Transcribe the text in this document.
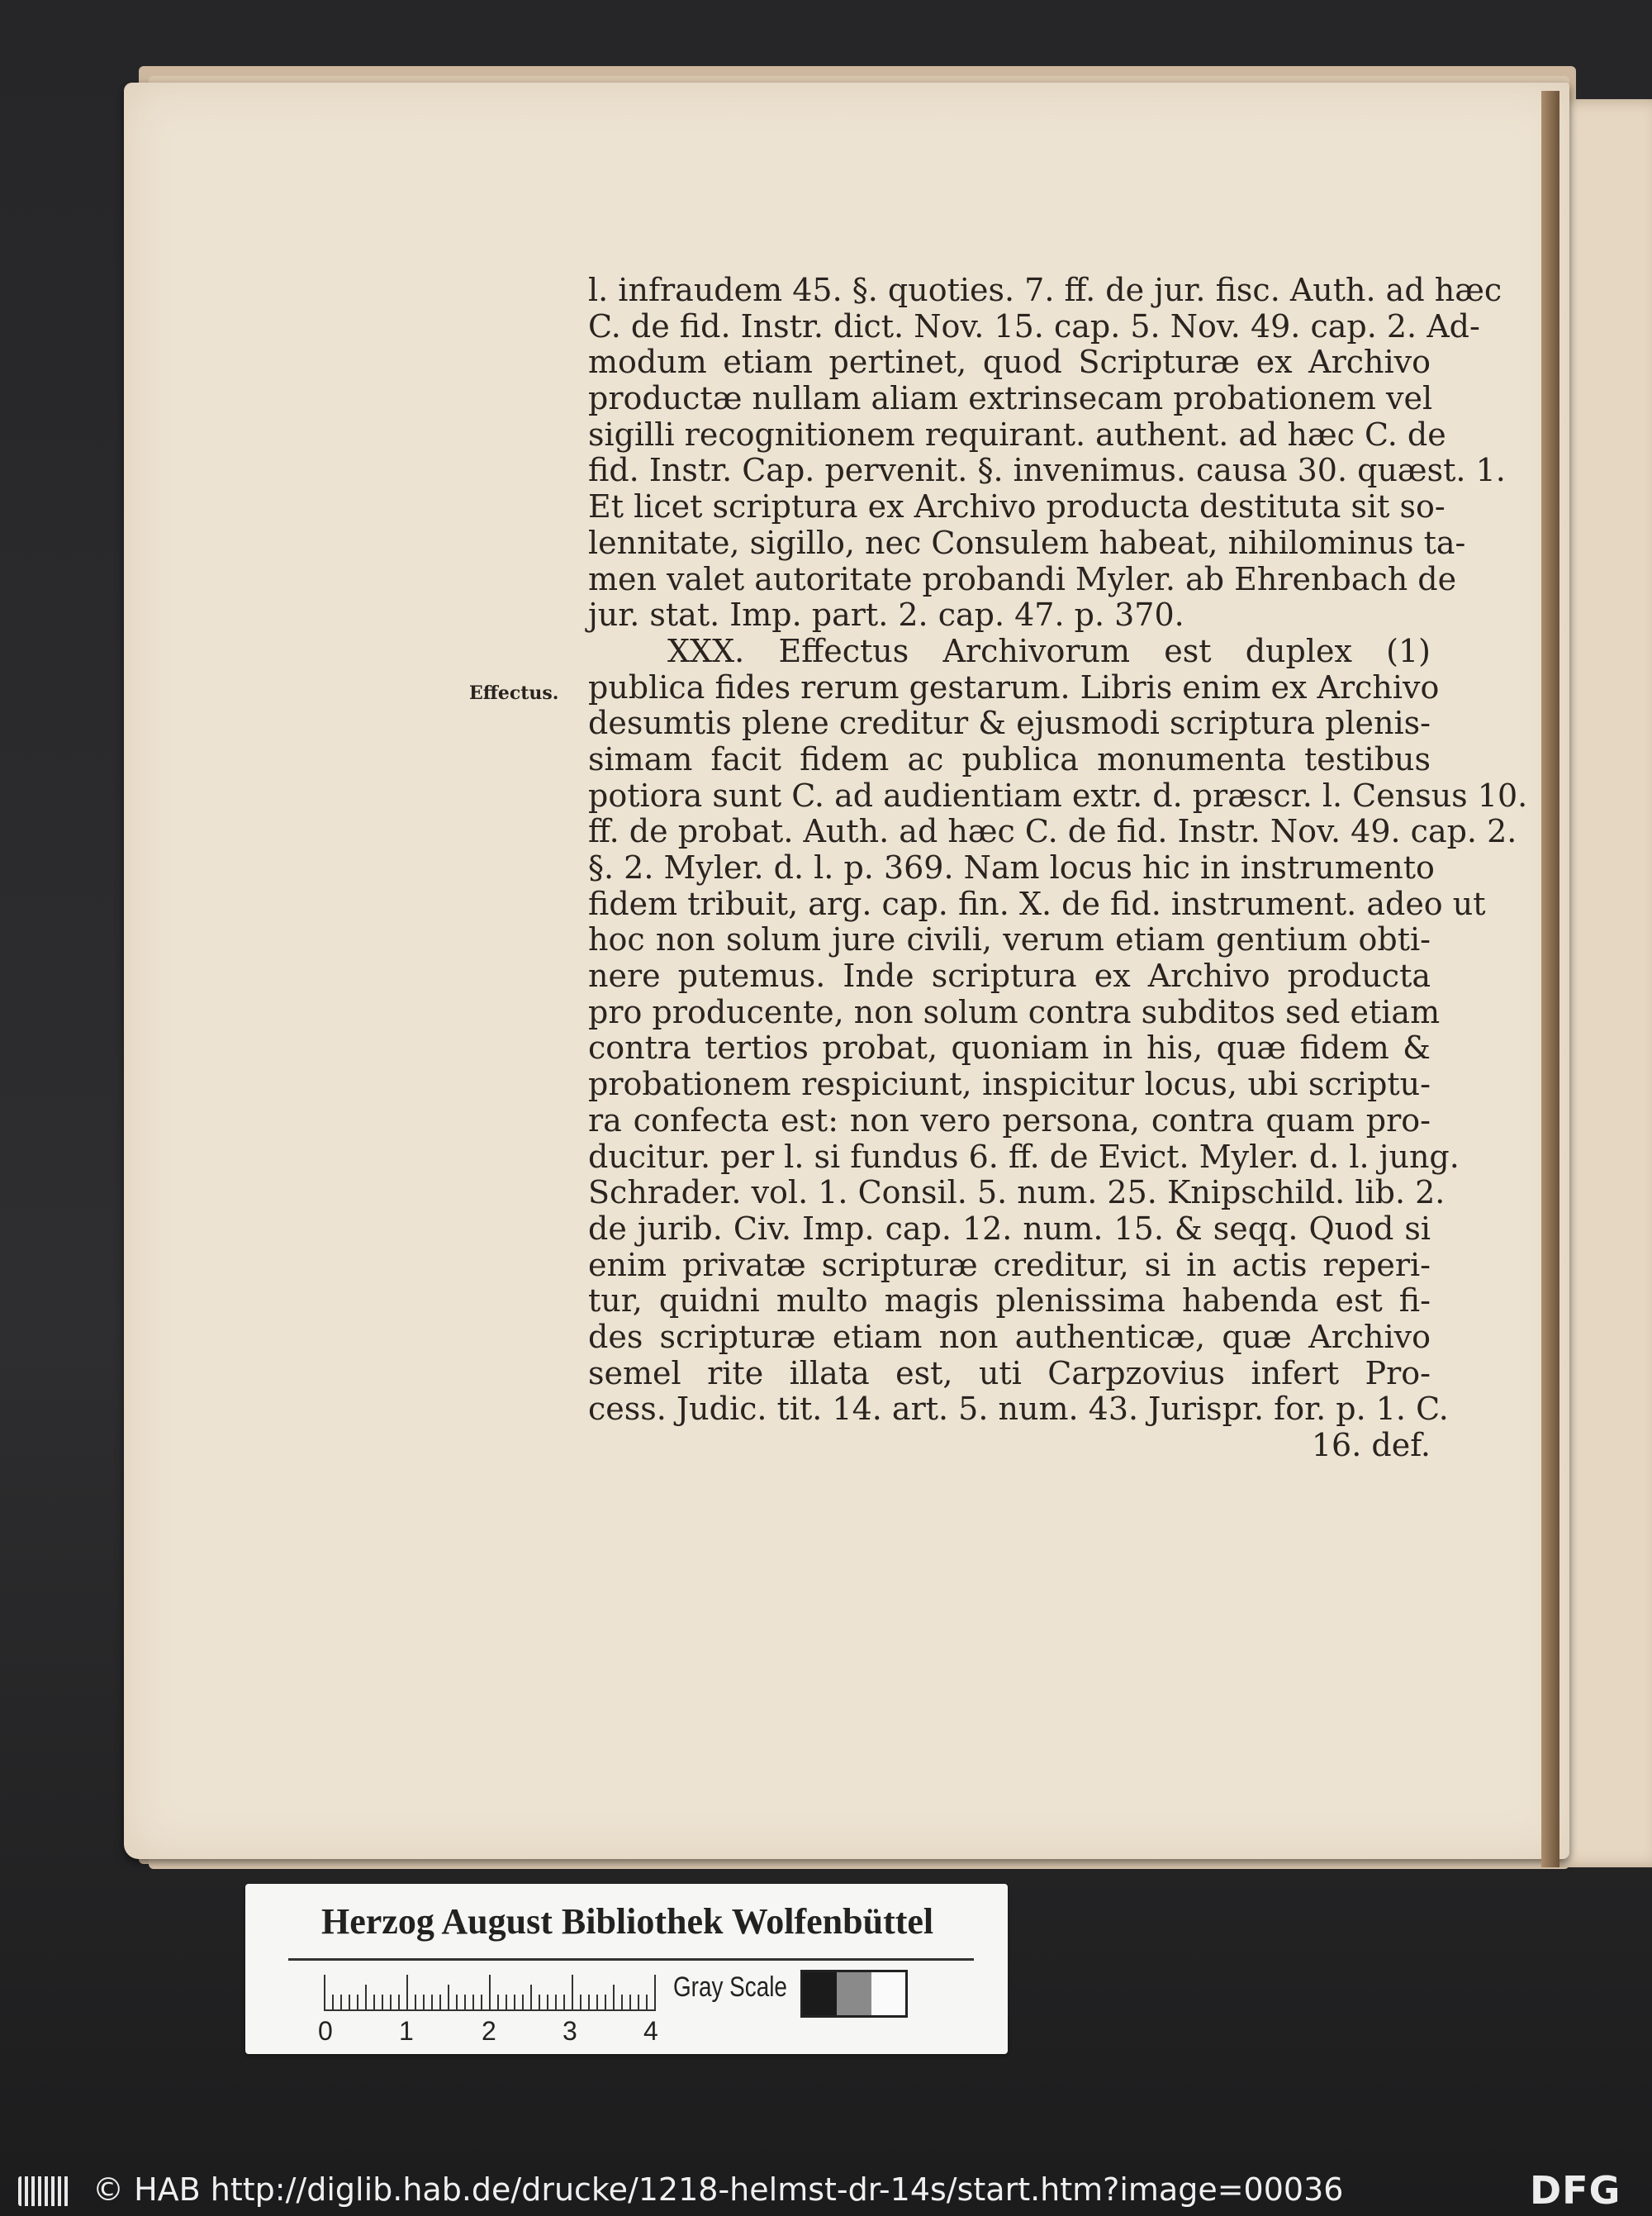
Effectus.
l. infraudem 45. §. quoties. 7. ff. de jur. fisc. Auth. ad hæc
C. de fid. Instr. dict. Nov. 15. cap. 5. Nov. 49. cap. 2. Ad-
modum etiam pertinet, quod Scripturæ ex Archivo
productæ nullam aliam extrinsecam probationem vel
sigilli recognitionem requirant. authent. ad hæc C. de
fid. Instr. Cap. pervenit. §. invenimus. causa 30. quæst. 1.
Et licet scriptura ex Archivo producta destituta sit so-
lennitate, sigillo, nec Consulem habeat, nihilominus ta-
men valet autoritate probandi Myler. ab Ehrenbach de
jur. stat. Imp. part. 2. cap. 47. p. 370.
XXX. Effectus Archivorum est duplex (1)
publica fides rerum gestarum. Libris enim ex Archivo
desumtis plene creditur & ejusmodi scriptura plenis-
simam facit fidem ac publica monumenta testibus
potiora sunt C. ad audientiam extr. d. præscr. l. Census 10.
ff. de probat. Auth. ad hæc C. de fid. Instr. Nov. 49. cap. 2.
§. 2. Myler. d. l. p. 369. Nam locus hic in instrumento
fidem tribuit, arg. cap. fin. X. de fid. instrument. adeo ut
hoc non solum jure civili, verum etiam gentium obti-
nere putemus. Inde scriptura ex Archivo producta
pro producente, non solum contra subditos sed etiam
contra tertios probat, quoniam in his, quæ fidem &
probationem respiciunt, inspicitur locus, ubi scriptu-
ra confecta est: non vero persona, contra quam pro-
ducitur. per l. si fundus 6. ff. de Evict. Myler. d. l. jung.
Schrader. vol. 1. Consil. 5. num. 25. Knipschild. lib. 2.
de jurib. Civ. Imp. cap. 12. num. 15. & seqq. Quod si
enim privatæ scripturæ creditur, si in actis reperi-
tur, quidni multo magis plenissima habenda est fi-
des scripturæ etiam non authenticæ, quæ Archivo
semel rite illata est, uti Carpzovius infert Pro-
cess. Judic. tit. 14. art. 5. num. 43. Jurispr. for. p. 1. C.
16. def.
Herzog August Bibliothek Wolfenbüttel
0	1	2	3	4
Gray Scale
© HAB http://diglib.hab.de/drucke/1218-helmst-dr-14s/start.htm?image=00036	DFG
